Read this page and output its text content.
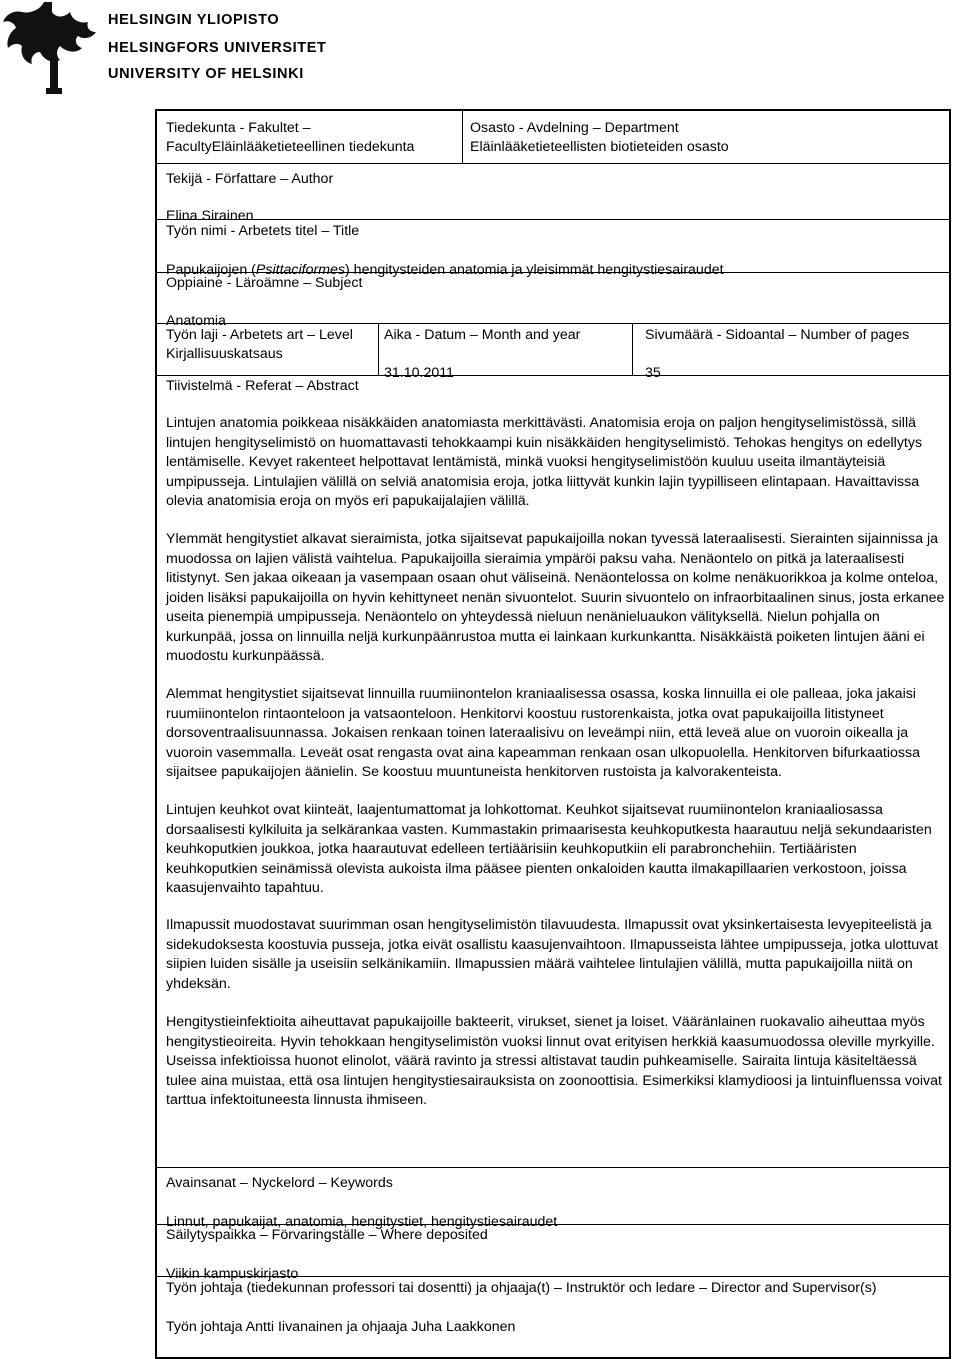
HELSINGIN YLIOPISTO
HELSINGFORS UNIVERSITET
UNIVERSITY OF HELSINKI
Tiedekunta - Fakultet –
FacultyEläinlääketieteellinen tiedekunta
Osasto - Avdelning – Department
Eläinlääketieteellisten biotieteiden osasto
Tekijä - Författare – Author
Elina Sirainen
Työn nimi - Arbetets titel – Title
Papukaijojen (Psittaciformes) hengitysteiden anatomia ja yleisimmät hengitystiesairaudet
Oppiaine - Läroämne – Subject
Anatomia
Työn laji - Arbetets art – Level
Kirjallisuuskatsaus
Aika - Datum – Month and year
31.10.2011
Sivumäärä - Sidoantal – Number of pages
35
Tiivistelmä - Referat – Abstract
Lintujen anatomia poikkeaa nisäkkäiden anatomiasta merkittävästi. Anatomisia eroja on paljon hengityselimistössä, sillä lintujen hengityselimistö on huomattavasti tehokkaampi kuin nisäkkäiden hengityselimistö. Tehokas hengitys on edellytys lentämiselle. Kevyet rakenteet helpottavat lentämistä, minkä vuoksi hengityselimistöön kuuluu useita ilmantäyteisiä umpipusseja. Lintulajien välillä on selviä anatomisia eroja, jotka liittyvät kunkin lajin tyypilliseen elintapaan. Havaittavissa olevia anatomisia eroja on myös eri papukaijalajien välillä.
Ylemmät hengitystiet alkavat sieraimista, jotka sijaitsevat papukaijoilla nokan tyvessä lateraalisesti. Sierainten sijainnissa ja muodossa on lajien välistä vaihtelua. Papukaijoilla sieraimia ympäröi paksu vaha. Nenäontelo on pitkä ja lateraalisesti litistynyt. Sen jakaa oikeaan ja vasempaan osaan ohut väliseinä. Nenäontelossa on kolme nenäkuorikkoa ja kolme onteloa, joiden lisäksi papukaijoilla on hyvin kehittyneet nenän sivuontelot. Suurin sivuontelo on infraorbitaalinen sinus, josta erkanee useita pienempiä umpipusseja. Nenäontelo on yhteydessä nieluun nenänieluaukon välityksellä. Nielun pohjalla on kurkunpää, jossa on linnuilla neljä kurkunpäänrustoa mutta ei lainkaan kurkunkantta. Nisäkkäistä poiketen lintujen ääni ei muodostu kurkunpäässä.
Alemmat hengitystiet sijaitsevat linnuilla ruumiinontelon kraniaalisessa osassa, koska linnuilla ei ole palleaa, joka jakaisi ruumiinontelon rintaonteloon ja vatsaonteloon. Henkitorvi koostuu rustorenkaista, jotka ovat papukaijoilla litistyneet dorsoventraalisuunnassa. Jokaisen renkaan toinen lateraalisivu on leveämpi niin, että leveä alue on vuoroin oikealla ja vuoroin vasemmalla. Leveät osat rengasta ovat aina kapeamman renkaan osan ulkopuolella. Henkitorven bifurkaatiossa sijaitsee papukaijojen äänielin. Se koostuu muuntuneista henkitorven rustoista ja kalvorakenteista.
Lintujen keuhkot ovat kiinteät, laajentumattomat ja lohkottomat. Keuhkot sijaitsevat ruumiinontelon kraniaaliosassa dorsaalisesti kylkiluita ja selkärankaa vasten. Kummastakin primaarisesta keuhkoputkesta haarautuu neljä sekundaaristen keuhkoputkien joukkoa, jotka haarautuvat edelleen tertiäärisiin keuhkoputkiin eli parabronchehiin. Tertiääristen keuhkoputkien seinämissä olevista aukoista ilma pääsee pienten onkaloiden kautta ilmakapillaarien verkostoon, joissa kaasujenvaihto tapahtuu.
Ilmapussit muodostavat suurimman osan hengityselimistön tilavuudesta. Ilmapussit ovat yksinkertaisesta levyepiteelistä ja sidekudoksesta koostuvia pusseja, jotka eivät osallistu kaasujenvaihtoon. Ilmapusseista lähtee umpipusseja, jotka ulottuvat siipien luiden sisälle ja useisiin selkänikamiin. Ilmapussien määrä vaihtelee lintulajien välillä, mutta papukaijoilla niitä on yhdeksän.
Hengitystieinfektioita aiheuttavat papukaijoille bakteerit, virukset, sienet ja loiset. Vääränlainen ruokavalio aiheuttaa myös hengitystieoireita. Hyvin tehokkaan hengityselimistön vuoksi linnut ovat erityisen herkkiä kaasumuodossa oleville myrkyille. Useissa infektioissa huonot elinolot, väärä ravinto ja stressi altistavat taudin puhkeamiselle. Sairaita lintuja käsiteltäessä tulee aina muistaa, että osa lintujen hengitystiesairauksista on zoonoottisia. Esimerkiksi klamydioosi ja lintuinfluenssa voivat tarttua infektoituneesta linnusta ihmiseen.
Avainsanat – Nyckelord – Keywords
Linnut, papukaijat, anatomia, hengitystiet, hengitystiesairaudet
Säilytyspaikka – Förvaringställe – Where deposited
Viikin kampuskirjasto
Työn johtaja (tiedekunnan professori tai dosentti) ja ohjaaja(t) – Instruktör och ledare – Director and Supervisor(s)
Työn johtaja Antti Iivanainen ja ohjaaja Juha Laakkonen
